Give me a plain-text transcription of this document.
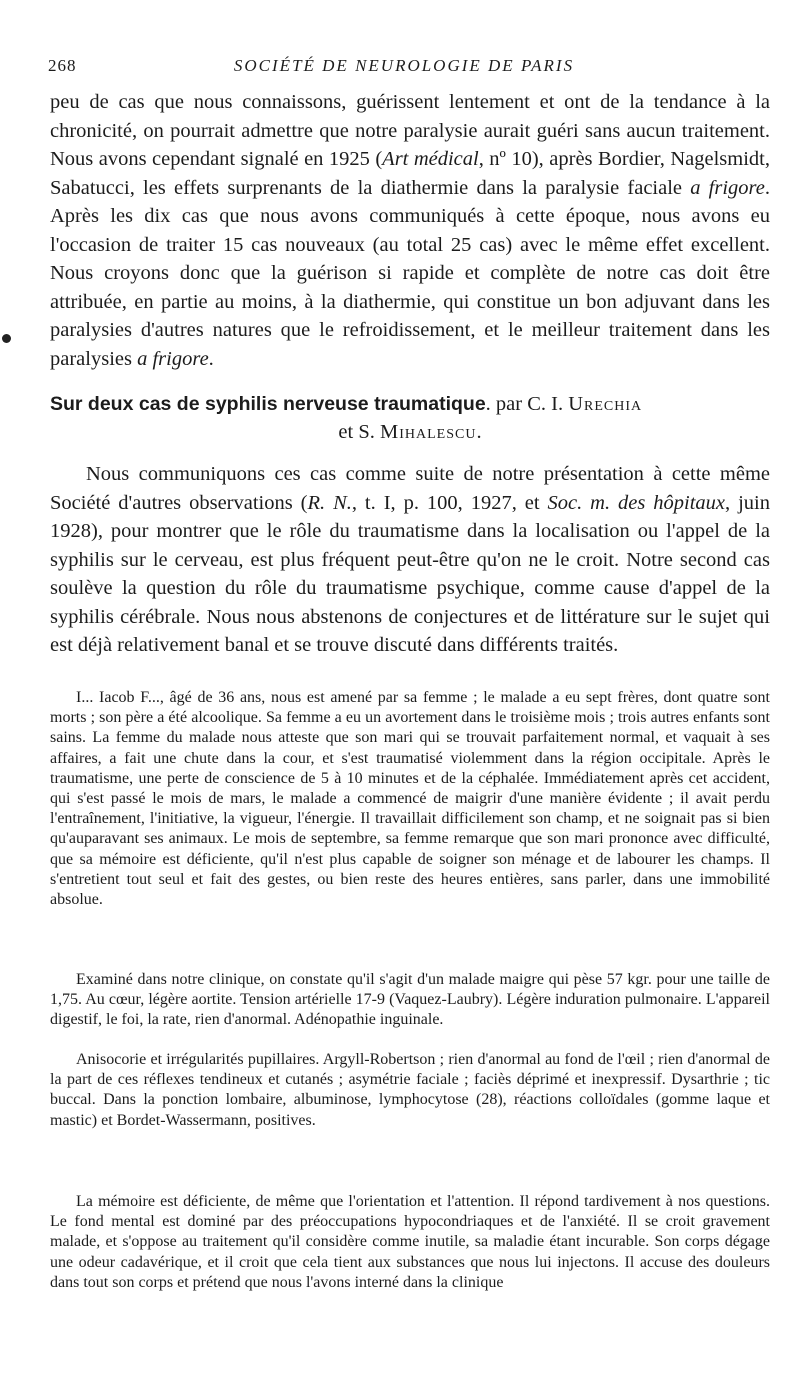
268	SOCIÉTÉ DE NEUROLOGIE DE PARIS

peu de cas que nous connaissons, guérissent lentement et ont de la tendance à la chronicité, on pourrait admettre que notre paralysie aurait guéri sans aucun traitement. Nous avons cependant signalé en 1925 (Art médical, nº 10), après Bordier, Nagelsmidt, Sabatucci, les effets surprenants de la diathermie dans la paralysie faciale a frigore. Après les dix cas que nous avons communiqués à cette époque, nous avons eu l'occasion de traiter 15 cas nouveaux (au total 25 cas) avec le même effet excellent. Nous croyons donc que la guérison si rapide et complète de notre cas doit être attribuée, en partie au moins, à la diathermie, qui constitue un bon adjuvant dans les paralysies d'autres natures que le refroidissement, et le meilleur traitement dans les paralysies a frigore.

Sur deux cas de syphilis nerveuse traumatique. par C. I. Urechia

et S. Mihalescu.

Nous communiquons ces cas comme suite de notre présentation à cette même Société d'autres observations (R. N., t. I, p. 100, 1927, et Soc. m. des hôpitaux, juin 1928), pour montrer que le rôle du traumatisme dans la localisation ou l'appel de la syphilis sur le cerveau, est plus fréquent peut-être qu'on ne le croit. Notre second cas soulève la question du rôle du traumatisme psychique, comme cause d'appel de la syphilis cérébrale. Nous nous abstenons de conjectures et de littérature sur le sujet qui est déjà relativement banal et se trouve discuté dans différents traités.

I... Iacob F..., âgé de 36 ans, nous est amené par sa femme ; le malade a eu sept frères, dont quatre sont morts ; son père a été alcoolique. Sa femme a eu un avortement dans le troisième mois ; trois autres enfants sont sains. La femme du malade nous atteste que son mari qui se trouvait parfaitement normal, et vaquait à ses affaires, a fait une chute dans la cour, et s'est traumatisé violemment dans la région occipitale. Après le traumatisme, une perte de conscience de 5 à 10 minutes et de la céphalée. Immédiatement après cet accident, qui s'est passé le mois de mars, le malade a commencé de maigrir d'une manière évidente ; il avait perdu l'entraînement, l'initiative, la vigueur, l'énergie. Il travaillait difficilement son champ, et ne soignait pas si bien qu'auparavant ses animaux. Le mois de septembre, sa femme remarque que son mari prononce avec difficulté, que sa mémoire est déficiente, qu'il n'est plus capable de soigner son ménage et de labourer les champs. Il s'entretient tout seul et fait des gestes, ou bien reste des heures entières, sans parler, dans une immobilité absolue.

Examiné dans notre clinique, on constate qu'il s'agit d'un malade maigre qui pèse 57 kgr. pour une taille de 1,75. Au cœur, légère aortite. Tension artérielle 17-9 (Vaquez-Laubry). Légère induration pulmonaire. L'appareil digestif, le foi, la rate, rien d'anormal. Adénopathie inguinale.

Anisocorie et irrégularités pupillaires. Argyll-Robertson ; rien d'anormal au fond de l'œil ; rien d'anormal de la part de ces réflexes tendineux et cutanés ; asymétrie faciale ; faciès déprimé et inexpressif. Dysarthrie ; tic buccal. Dans la ponction lombaire, albuminose, lymphocytose (28), réactions colloïdales (gomme laque et mastic) et Bordet-Wassermann, positives.

La mémoire est déficiente, de même que l'orientation et l'attention. Il répond tardivement à nos questions. Le fond mental est dominé par des préoccupations hypocondriaques et de l'anxiété. Il se croit gravement malade, et s'oppose au traitement qu'il considère comme inutile, sa maladie étant incurable. Son corps dégage une odeur cadavérique, et il croit que cela tient aux substances que nous lui injectons. Il accuse des douleurs dans tout son corps et prétend que nous l'avons interné dans la clinique
